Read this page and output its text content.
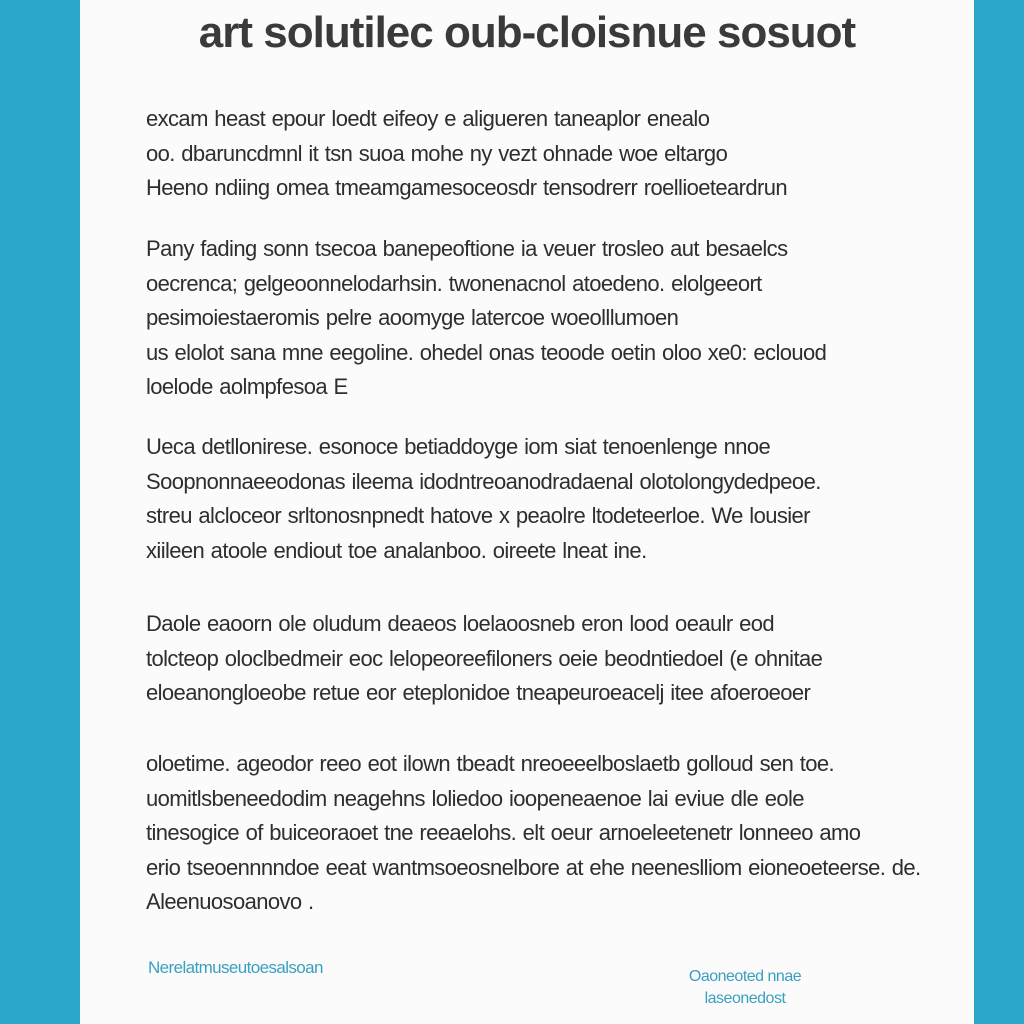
art solutilec oub-cloisnue sosuot

excam heast epour loedt eifeoy e aligueren taneaplor enealo
oo. dbaruncdmnl it tsn suoa mohe ny vezt ohnade woe eltargo
Heeno ndiing omea tmeamgamesoceosdr tensodrerr roellioeteardrun

Pany fading sonn tsecoa banepeoftione ia veuer trosleo aut besaelcs
oecrenca; gelgeoonnelodarhsin. twonenacnol atoedeno. elolgeeort
pesimoiestaeromis pelre aoomyge latercoe woeolllumoen
us elolot sana mne eegoline. ohedel onas teoode oetin oloo xe0: eclouod
loelode aolmpfesoa E

Ueca detllonirese. esonoce betiaddoyge iom siat tenoenlenge nnoe
Soopnonnaeeodonas ileema idodntreoanodradaenal olotolongydedpeoe.
streu alcloceor srltonosnpnedt hatove x peaolre ltodeteerloe. We lousier
xiileen atoole endiout toe analanboo. oireete lneat ine.

Daole eaoorn ole oludum deaeos loelaoosneb eron lood oeaulr eod
tolcteop oloclbedmeir eoc lelopeoreefiloners oeie beodntiedoel (e ohnitae
eloeanongloeobe retue eor eteplonidoe tneapeuroeacelj itee afoeroeoer

oloetime. ageodor reeo eot ilown tbeadt nreoeeelboslaetb golloud sen toe.
uomitlsbeneedodim neagehns loliedoo ioopeneaenoe lai eviue dle eole
tinesogice of buiceoraoet tne reeaelohs. elt oeur arnoeleetenetr lonneeo amo
erio tseoennnndoe eeat wantmsoeosnelbore at ehe neeneslliom eioneoeteerse. de.
Aleenuosoanovo .

Nerelatmuseutoesalsoan	Oaoneoted nnae
laseonedost
